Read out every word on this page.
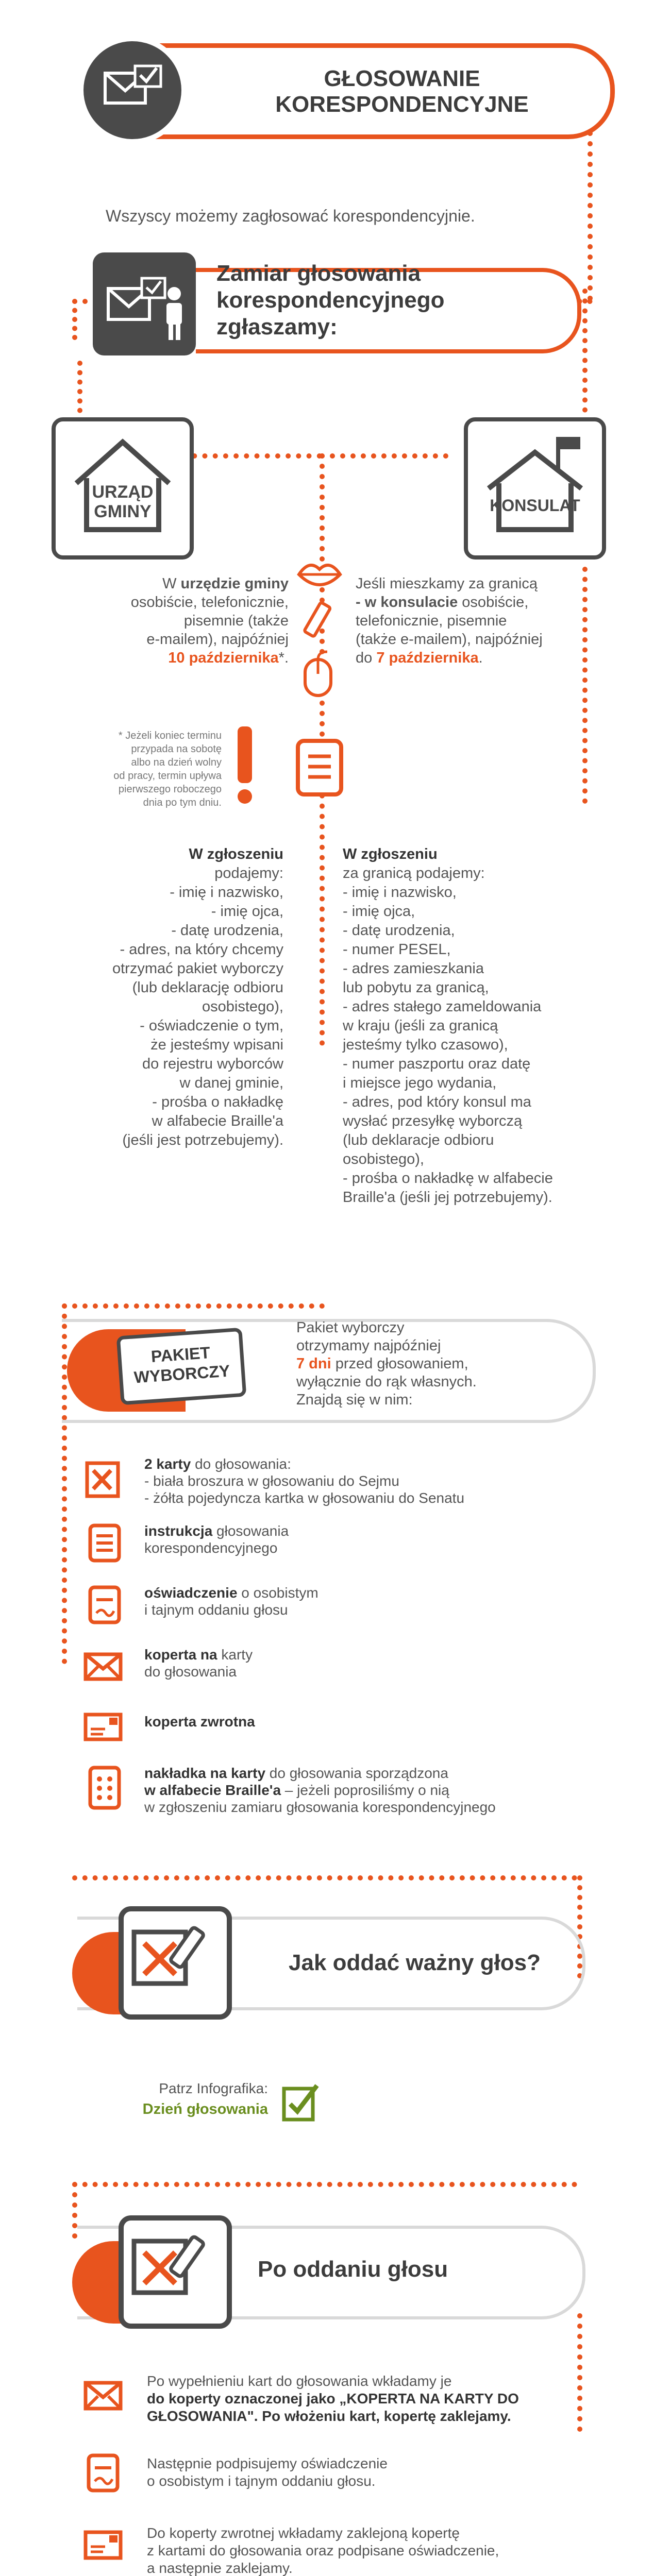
GŁOSOWANIE
KORESPONDENCYJNE
Wszyscy możemy zagłosować korespondencyjnie.
Zamiar głosowania
korespondencyjnego
zgłaszamy:
URZĄD
GMINY	KONSULAT
W urzędzie gminy
osobiście, telefonicznie,
pisemnie (także
e-mailem), najpóźniej
10 października*.
Jeśli mieszkamy za granicą
- w konsulacie osobiście,
telefonicznie, pisemnie
(także e-mailem), najpóźniej
do 7 października.
* Jeżeli koniec terminu
przypada na sobotę
albo na dzień wolny
od pracy, termin upływa
pierwszego roboczego
dnia po tym dniu.
W zgłoszeniu
podajemy:
- imię i nazwisko,
- imię ojca,
- datę urodzenia,
- adres, na który chcemy
otrzymać pakiet wyborczy
(lub deklarację odbioru
osobistego),
- oświadczenie o tym,
że jesteśmy wpisani
do rejestru wyborców
w danej gminie,
- prośba o nakładkę
w alfabecie Braille'a
(jeśli jest potrzebujemy).
W zgłoszeniu
za granicą podajemy:
- imię i nazwisko,
- imię ojca,
- datę urodzenia,
- numer PESEL,
- adres zamieszkania
lub pobytu za granicą,
- adres stałego zameldowania
w kraju (jeśli za granicą
jesteśmy tylko czasowo),
- numer paszportu oraz datę
i miejsce jego wydania,
- adres, pod który konsul ma
wysłać przesyłkę wyborczą
(lub deklaracje odbioru
osobistego),
- prośba o nakładkę w alfabecie
Braille'a (jeśli jej potrzebujemy).
PAKIET
WYBORCZY
Pakiet wyborczy
otrzymamy najpóźniej
7 dni przed głosowaniem,
wyłącznie do rąk własnych.
Znajdą się w nim:
2 karty do głosowania:
- biała broszura w głosowaniu do Sejmu
- żółta pojedyncza kartka w głosowaniu do Senatu
instrukcja głosowania
korespondencyjnego
oświadczenie o osobistym
i tajnym oddaniu głosu
koperta na karty
do głosowania
koperta zwrotna
nakładka na karty do głosowania sporządzona
w alfabecie Braille'a – jeżeli poprosiliśmy o nią
w zgłoszeniu zamiaru głosowania korespondencyjnego
Jak oddać ważny głos?
Patrz Infografika:
Dzień głosowania
Po oddaniu głosu
Po wypełnieniu kart do głosowania wkładamy je
do koperty oznaczonej jako „KOPERTA NA KARTY DO
GŁOSOWANIA". Po włożeniu kart, kopertę zaklejamy.
Następnie podpisujemy oświadczenie
o osobistym i tajnym oddaniu głosu.
Do koperty zwrotnej wkładamy zaklejoną kopertę
z kartami do głosowania oraz podpisane oświadczenie,
a następnie zaklejamy.
